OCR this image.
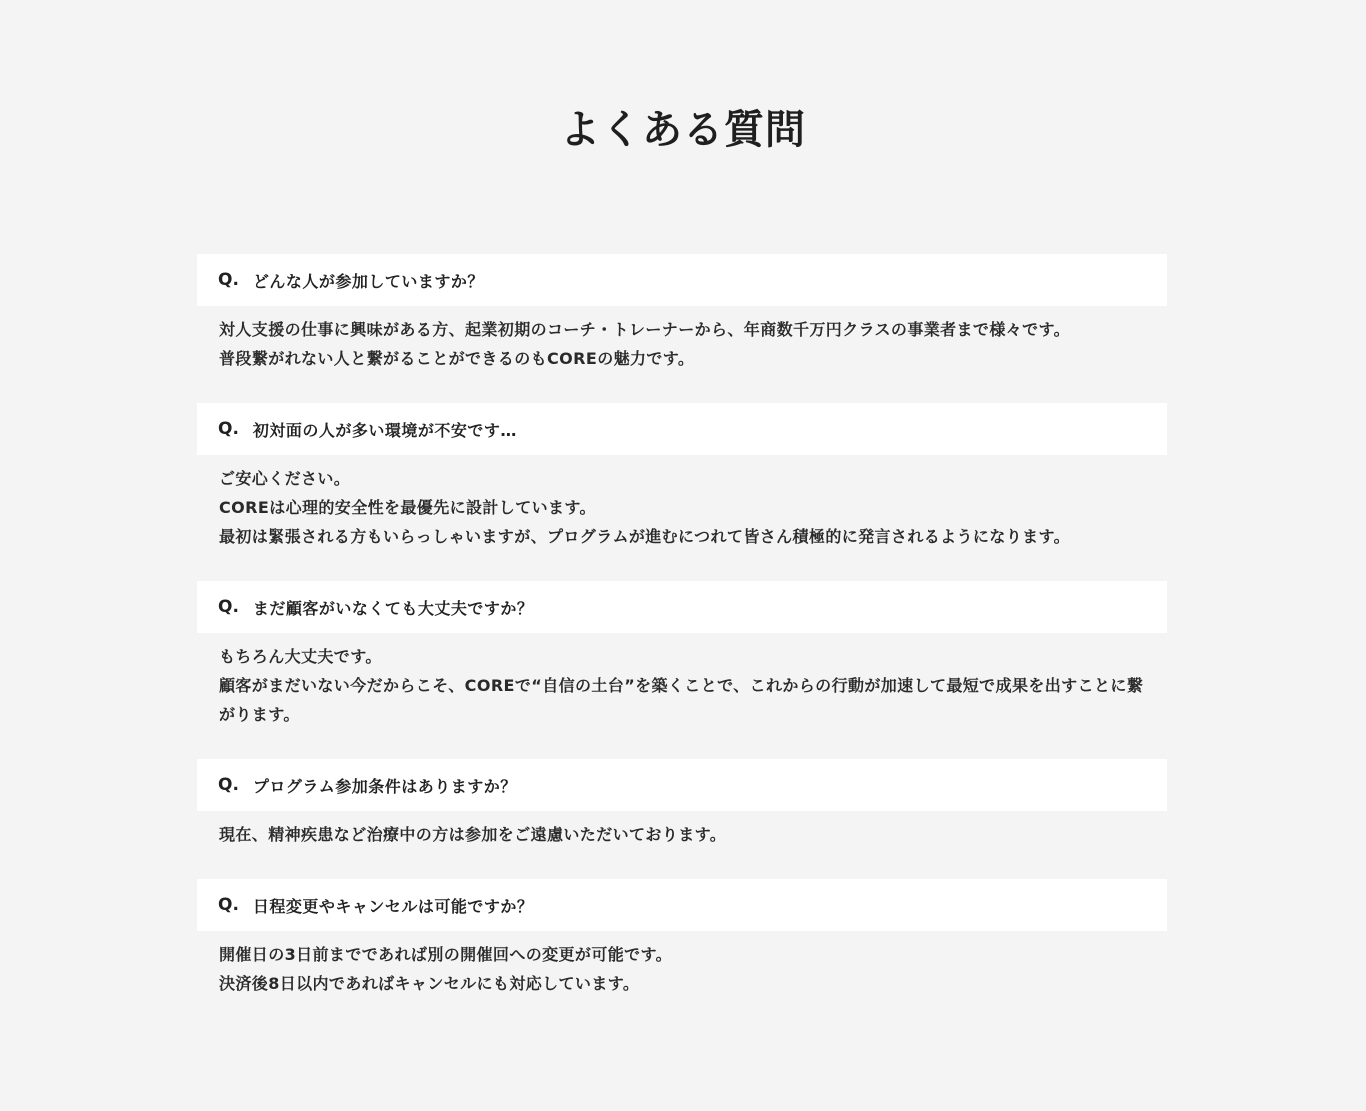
よくある質問
Q. どんな人が参加していますか？
対人支援の仕事に興味がある方、起業初期のコーチ・トレーナーから、年商数千万円クラスの事業者まで様々です。
普段繋がれない人と繋がることができるのもCOREの魅力です。
Q. 初対面の人が多い環境が不安です…
ご安心ください。
COREは心理的安全性を最優先に設計しています。
最初は緊張される方もいらっしゃいますが、プログラムが進むにつれて皆さん積極的に発言されるようになります。
Q. まだ顧客がいなくても大丈夫ですか？
もちろん大丈夫です。
顧客がまだいない今だからこそ、COREで“自信の土台”を築くことで、これからの行動が加速して最短で成果を出すことに繋がります。
Q. プログラム参加条件はありますか？
現在、精神疾患など治療中の方は参加をご遠慮いただいております。
Q. 日程変更やキャンセルは可能ですか？
開催日の3日前までであれば別の開催回への変更が可能です。
決済後8日以内であればキャンセルにも対応しています。
